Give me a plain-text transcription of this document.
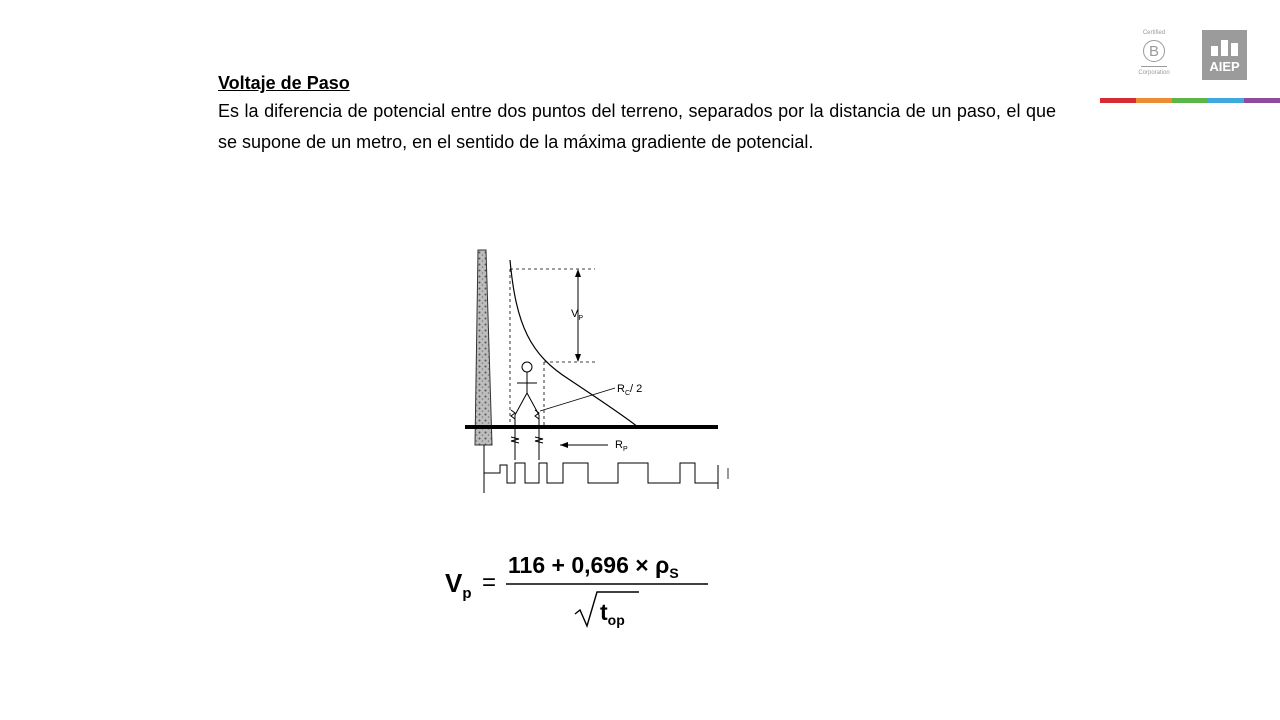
Certified
B
Corporation	AIEP
Voltaje de Paso

Es la diferencia de potencial entre dos puntos del terreno, separados por la distancia de un paso, el que se supone de un metro, en el sentido de la máxima gradiente de potencial.

$V_P$
$R_C/$ 2
$R_P$
$V_p$ =
$116 + 0,696 \times \rho_S$
$t_{op}$
